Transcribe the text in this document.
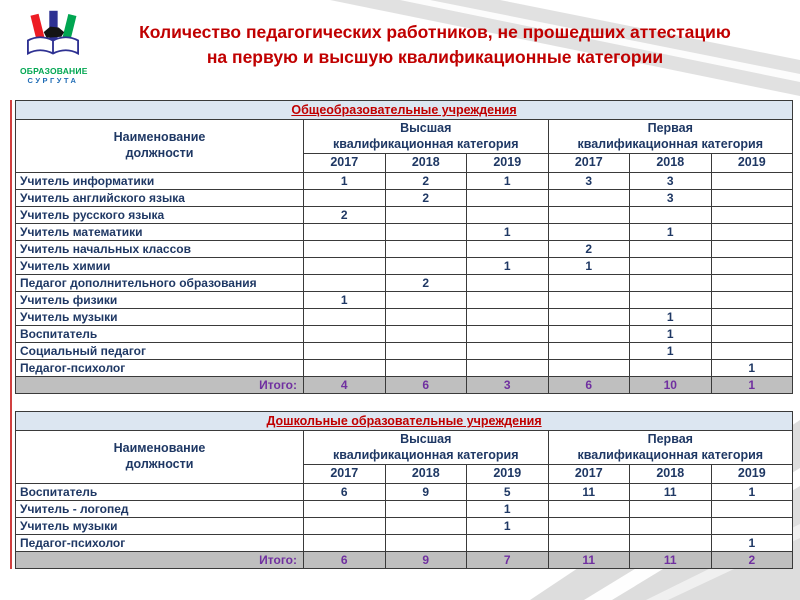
ОБРАЗОВАНИЕ
СУРГУТА
Количество педагогических работников, не прошедших аттестацию
на первую и высшую квалификационные категории
Общеобразовательные учреждения						
Наименование
должности	Высшая
квалификационная категория			Первая
квалификационная категория		
	2017	2018	2019	2017	2018	2019
Учитель информатики	1	2	1	3	3	
Учитель английского языка		2			3	
Учитель русского языка	2					
Учитель математики			1		1	
Учитель начальных классов				2		
Учитель химии			1	1		
Педагог дополнительного образования		2				
Учитель физики	1					
Учитель музыки					1	
Воспитатель					1	
Социальный педагог					1	
Педагог-психолог						1
Итого:	4	6	3	6	10	1
Дошкольные образовательные учреждения						
Наименование
должности	Высшая
квалификационная категория			Первая
квалификационная категория		
	2017	2018	2019	2017	2018	2019
Воспитатель	6	9	5	11	11	1
Учитель - логопед			1			
Учитель музыки			1			
Педагог-психолог						1
Итого:	6	9	7	11	11	2
